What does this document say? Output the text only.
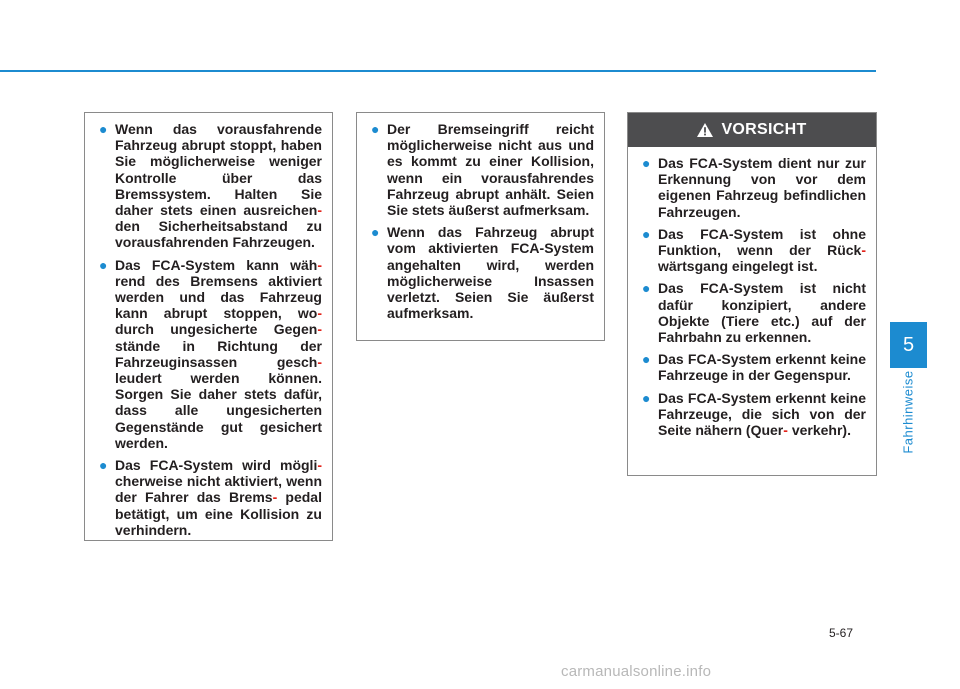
● Wenn das vorausfahrende Fahrzeug abrupt stoppt, haben Sie möglicherweise weniger Kontrolle über das Bremssystem. Halten Sie daher stets einen ausreichen- den Sicherheitsabstand zu vorausfahrenden Fahrzeugen.
● Das FCA-System kann wäh- rend des Bremsens aktiviert werden und das Fahrzeug kann abrupt stoppen, wo- durch ungesicherte Gegen- stände in Richtung der Fahrzeuginsassen gesch- leudert werden können. Sorgen Sie daher stets dafür, dass alle ungesicherten Gegenstände gut gesichert werden.
● Das FCA-System wird mögli- cherweise nicht aktiviert, wenn der Fahrer das Brems- pedal betätigt, um eine Kollision zu verhindern.
● Der Bremseingriff reicht möglicherweise nicht aus und es kommt zu einer Kollision, wenn ein vorausfahrendes Fahrzeug abrupt anhält. Seien Sie stets äußerst aufmerksam.
● Wenn das Fahrzeug abrupt vom aktivierten FCA-System angehalten wird, werden möglicherweise Insassen verletzt. Seien Sie äußerst aufmerksam.
VORSICHT
● Das FCA-System dient nur zur Erkennung von vor dem eigenen Fahrzeug befindlichen Fahrzeugen.
● Das FCA-System ist ohne Funktion, wenn der Rück- wärtsgang eingelegt ist.
● Das FCA-System ist nicht dafür konzipiert, andere Objekte (Tiere etc.) auf der Fahrbahn zu erkennen.
● Das FCA-System erkennt keine Fahrzeuge in der Gegenspur.
● Das FCA-System erkennt keine Fahrzeuge, die sich von der Seite nähern (Quer- verkehr).
5
Fahrhinweise
5-67
carmanualsonline.info
